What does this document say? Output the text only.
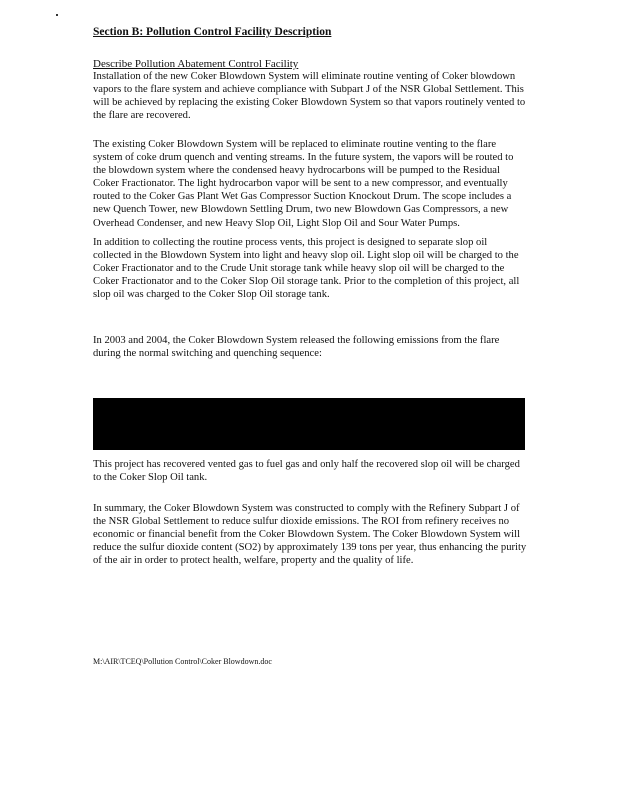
Section B: Pollution Control Facility Description
Describe Pollution Abatement Control Facility
Installation of the new Coker Blowdown System will eliminate routine venting of Coker blowdown vapors to the flare system and achieve compliance with Subpart J of the NSR Global Settlement. This will be achieved by replacing the existing Coker Blowdown System so that vapors routinely vented to the flare are recovered.
The existing Coker Blowdown System will be replaced to eliminate routine venting to the flare system of coke drum quench and venting streams. In the future system, the vapors will be routed to the blowdown system where the condensed heavy hydrocarbons will be pumped to the Residual Coker Fractionator. The light hydrocarbon vapor will be sent to a new compressor, and eventually routed to the Coker Gas Plant Wet Gas Compressor Suction Knockout Drum. The scope includes a new Quench Tower, new Blowdown Settling Drum, two new Blowdown Gas Compressors, a new Overhead Condenser, and new Heavy Slop Oil, Light Slop Oil and Sour Water Pumps.
In addition to collecting the routine process vents, this project is designed to separate slop oil collected in the Blowdown System into light and heavy slop oil. Light slop oil will be charged to the Coker Fractionator and to the Crude Unit storage tank while heavy slop oil will be charged to the Coker Fractionator and to the Coker Slop Oil storage tank. Prior to the completion of this project, all slop oil was charged to the Coker Slop Oil storage tank.
In 2003 and 2004, the Coker Blowdown System released the following emissions from the flare during the normal switching and quenching sequence:
This project has recovered vented gas to fuel gas and only half the recovered slop oil will be charged to the Coker Slop Oil tank.
In summary, the Coker Blowdown System was constructed to comply with the Refinery Subpart J of the NSR Global Settlement to reduce sulfur dioxide emissions. The ROI from refinery receives no economic or financial benefit from the Coker Blowdown System. The Coker Blowdown System will reduce the sulfur dioxide content (SO2) by approximately 139 tons per year, thus enhancing the purity of the air in order to protect health, welfare, property and the quality of life.
M:\AIR\TCEQ\Pollution Control\Coker Blowdown.doc
